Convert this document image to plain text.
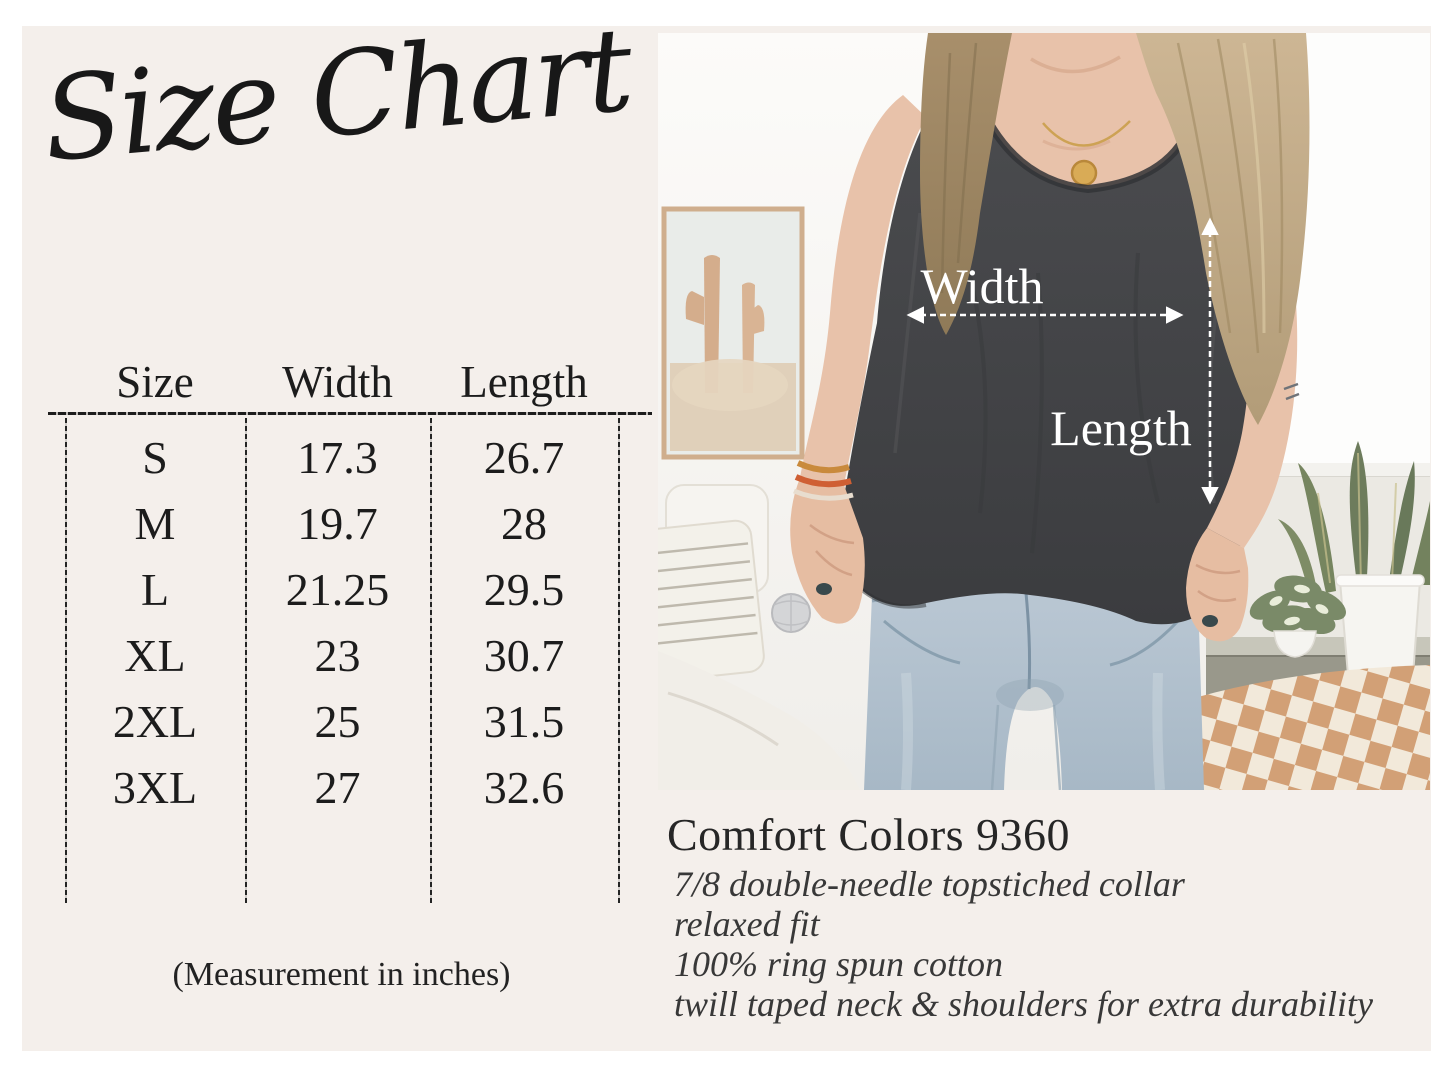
Size Chart
Size	Width	Length
S	17.3	26.7
M	19.7	28
L	21.25	29.5
XL	23	30.7
2XL	25	31.5
3XL	27	32.6
(Measurement in inches)
Width
Length
Comfort Colors 9360
7/8 double-needle topstiched collar
relaxed fit
100% ring spun cotton
twill taped neck & shoulders for extra durability
